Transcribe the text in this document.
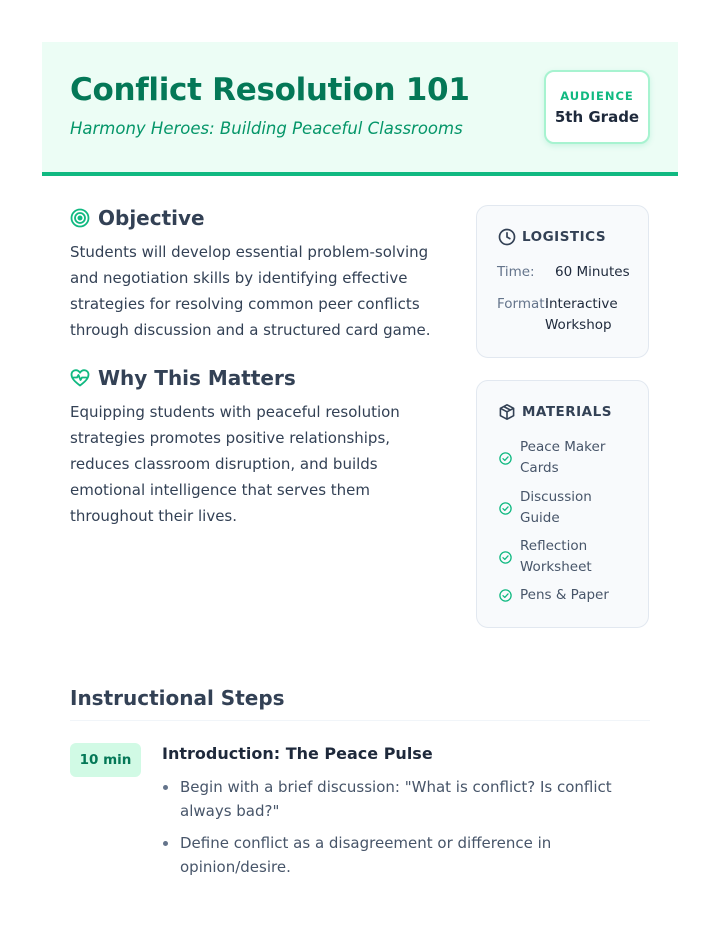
Conflict Resolution 101
Harmony Heroes: Building Peaceful Classrooms
AUDIENCE
5th Grade
Objective

Students will develop essential problem-solving and negotiation skills by identifying effective strategies for resolving common peer conflicts through discussion and a structured card game.

Why This Matters

Equipping students with peaceful resolution strategies promotes positive relationships, reduces classroom disruption, and builds emotional intelligence that serves them throughout their lives.

LOGISTICS
Time: 60 Minutes
Format:
Interactive Workshop
MATERIALS
Peace Maker Cards
Discussion Guide
Reflection Worksheet
Pens & Paper
Instructional Steps
10 min	Introduction: The Peace Pulse
Begin with a brief discussion: "What is conflict? Is conflict always bad?"
Define conflict as a disagreement or difference in opinion/desire.
